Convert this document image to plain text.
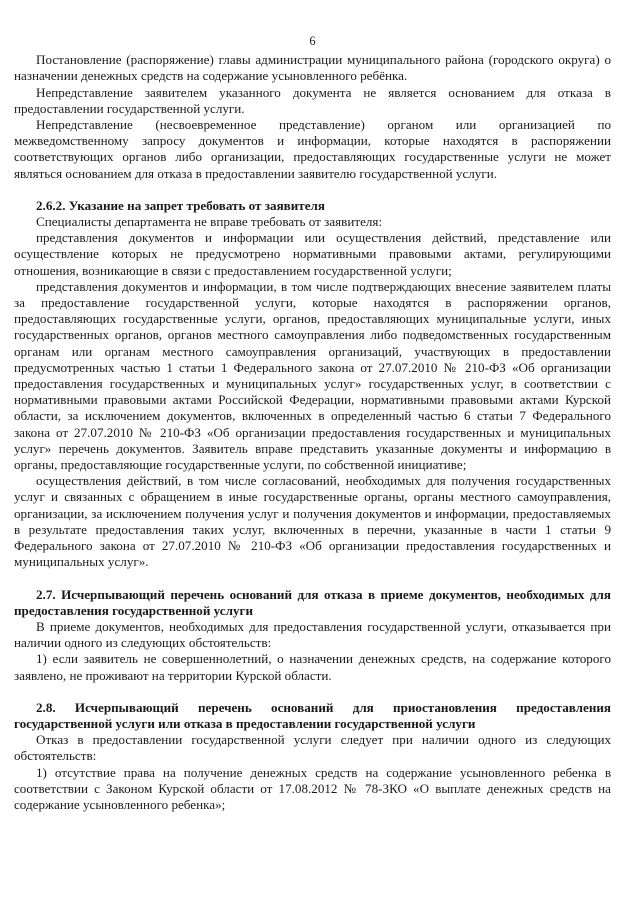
6

Постановление (распоряжение) главы администрации муниципального района (городского округа) о назначении денежных средств на содержание усыновленного ребёнка.

Непредставление заявителем указанного документа не является основанием для отказа в предоставлении государственной услуги.

Непредставление (несвоевременное представление) органом или организацией по межведомственному запросу документов и информации, которые находятся в распоряжении соответствующих органов либо организации, предоставляющих государственные услуги не может являться основанием для отказа в предоставлении заявителю государственной услуги.

2.6.2. Указание на запрет требовать от заявителя

Специалисты департамента не вправе требовать от заявителя:

представления документов и информации или осуществления действий, представление или осуществление которых не предусмотрено нормативными правовыми актами, регулирующими отношения, возникающие в связи с предоставлением государственной услуги;

представления документов и информации, в том числе подтверждающих внесение заявителем платы за предоставление государственной услуги, которые находятся в распоряжении органов, предоставляющих государственные услуги, органов, предоставляющих муниципальные услуги, иных государственных органов, органов местного самоуправления либо подведомственных государственным органам или органам местного самоуправления организаций, участвующих в предоставлении предусмотренных частью 1 статьи 1 Федерального закона от 27.07.2010 № 210-ФЗ «Об организации предоставления государственных и муниципальных услуг» государственных услуг, в соответствии с нормативными правовыми актами Российской Федерации, нормативными правовыми актами Курской области, за исключением документов, включенных в определенный частью 6 статьи 7 Федерального закона от 27.07.2010 № 210-ФЗ «Об организации предоставления государственных и муниципальных услуг» перечень документов. Заявитель вправе представить указанные документы и информацию в органы, предоставляющие государственные услуги, по собственной инициативе;

осуществления действий, в том числе согласований, необходимых для получения государственных услуг и связанных с обращением в иные государственные органы, органы местного самоуправления, организации, за исключением получения услуг и получения документов и информации, предоставляемых в результате предоставления таких услуг, включенных в перечни, указанные в части 1 статьи 9 Федерального закона от 27.07.2010 № 210-ФЗ «Об организации предоставления государственных и муниципальных услуг».

2.7. Исчерпывающий перечень оснований для отказа в приеме документов, необходимых для предоставления государственной услуги

В приеме документов, необходимых для предоставления государственной услуги, отказывается при наличии одного из следующих обстоятельств:

1) если заявитель не совершеннолетний, о назначении денежных средств, на содержание которого заявлено, не проживают на территории Курской области.

2.8. Исчерпывающий перечень оснований для приостановления предоставления государственной услуги или отказа в предоставлении государственной услуги

Отказ в предоставлении государственной услуги следует при наличии одного из следующих обстоятельств:

1) отсутствие права на получение денежных средств на содержание усыновленного ребенка в соответствии с Законом Курской области от 17.08.2012 № 78-ЗКО «О выплате денежных средств на содержание усыновленного ребенка»;
